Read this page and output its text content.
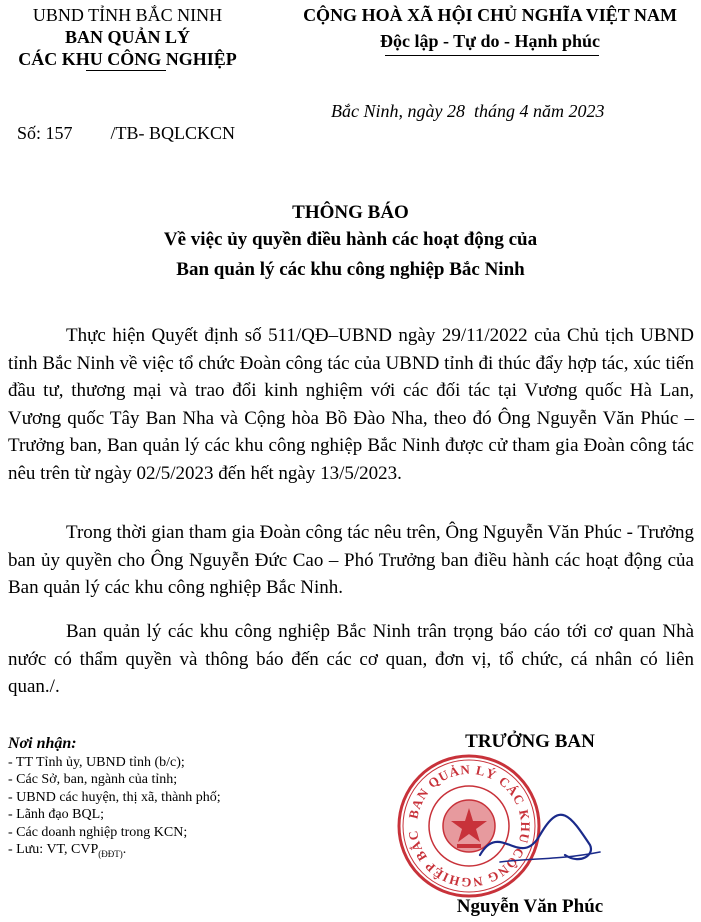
UBND TỈNH BẮC NINH
BAN QUẢN LÝ
CÁC KHU CÔNG NGHIỆP
CỘNG HOÀ XÃ HỘI CHỦ NGHĨA VIỆT NAM
Độc lập - Tự do - Hạnh phúc

Số: 157 /TB- BQLCKCN

Bắc Ninh, ngày 28  tháng 4 năm 2023
THÔNG BÁO
Về việc ủy quyền điều hành các hoạt động của
Ban quản lý các khu công nghiệp Bắc Ninh
Thực hiện Quyết định số 511/QĐ–UBND ngày 29/11/2022 của Chủ tịch UBND tỉnh Bắc Ninh về việc tổ chức Đoàn công tác của UBND tỉnh đi thúc đẩy hợp tác, xúc tiến đầu tư, thương mại và trao đổi kinh nghiệm với các đối tác tại Vương quốc Hà Lan, Vương quốc Tây Ban Nha và Cộng hòa Bồ Đào Nha, theo đó Ông Nguyễn Văn Phúc – Trưởng ban, Ban quản lý các khu công nghiệp Bắc Ninh được cử tham gia Đoàn công tác nêu trên từ ngày 02/5/2023 đến hết ngày 13/5/2023.
Trong thời gian tham gia Đoàn công tác nêu trên, Ông Nguyễn Văn Phúc - Trưởng ban ủy quyền cho Ông Nguyễn Đức Cao – Phó Trưởng ban điều hành các hoạt động của Ban quản lý các khu công nghiệp Bắc Ninh.
Ban quản lý các khu công nghiệp Bắc Ninh trân trọng báo cáo tới cơ quan Nhà nước có thẩm quyền và thông báo đến các cơ quan, đơn vị, tổ chức, cá nhân có liên quan./.
Nơi nhận:
- TT Tỉnh ủy, UBND tỉnh (b/c);
- Các Sở, ban, ngành của tỉnh;
- UBND các huyện, thị xã, thành phố;
- Lãnh đạo BQL;
- Các doanh nghiệp trong KCN;
- Lưu: VT, $CVP_{(ĐĐT)}$.
TRƯỞNG BAN
BAN QUẢN LÝ CÁC KHU CÔNG NGHIỆP BẮC
Nguyễn Văn Phúc
